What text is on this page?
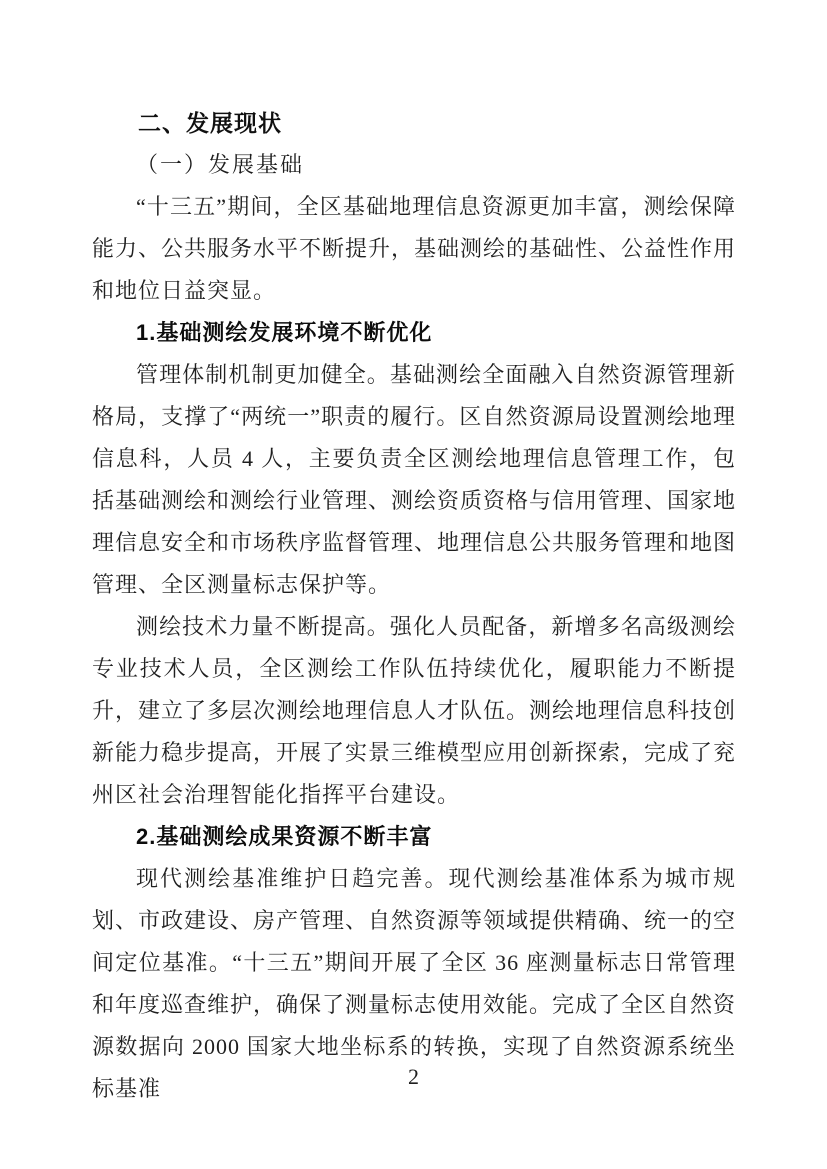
二、发展现状
（一）发展基础

“十三五”期间，全区基础地理信息资源更加丰富，测绘保障能力、公共服务水平不断提升，基础测绘的基础性、公益性作用和地位日益突显。

1.基础测绘发展环境不断优化

管理体制机制更加健全。基础测绘全面融入自然资源管理新格局，支撑了“两统一”职责的履行。区自然资源局设置测绘地理信息科，人员 4 人，主要负责全区测绘地理信息管理工作，包括基础测绘和测绘行业管理、测绘资质资格与信用管理、国家地理信息安全和市场秩序监督管理、地理信息公共服务管理和地图管理、全区测量标志保护等。

测绘技术力量不断提高。强化人员配备，新增多名高级测绘专业技术人员，全区测绘工作队伍持续优化，履职能力不断提升，建立了多层次测绘地理信息人才队伍。测绘地理信息科技创新能力稳步提高，开展了实景三维模型应用创新探索，完成了兖州区社会治理智能化指挥平台建设。

2.基础测绘成果资源不断丰富

现代测绘基准维护日趋完善。现代测绘基准体系为城市规划、市政建设、房产管理、自然资源等领域提供精确、统一的空间定位基准。“十三五”期间开展了全区 36 座测量标志日常管理和年度巡查维护，确保了测量标志使用效能。完成了全区自然资源数据向 2000 国家大地坐标系的转换，实现了自然资源系统坐标基准	2
